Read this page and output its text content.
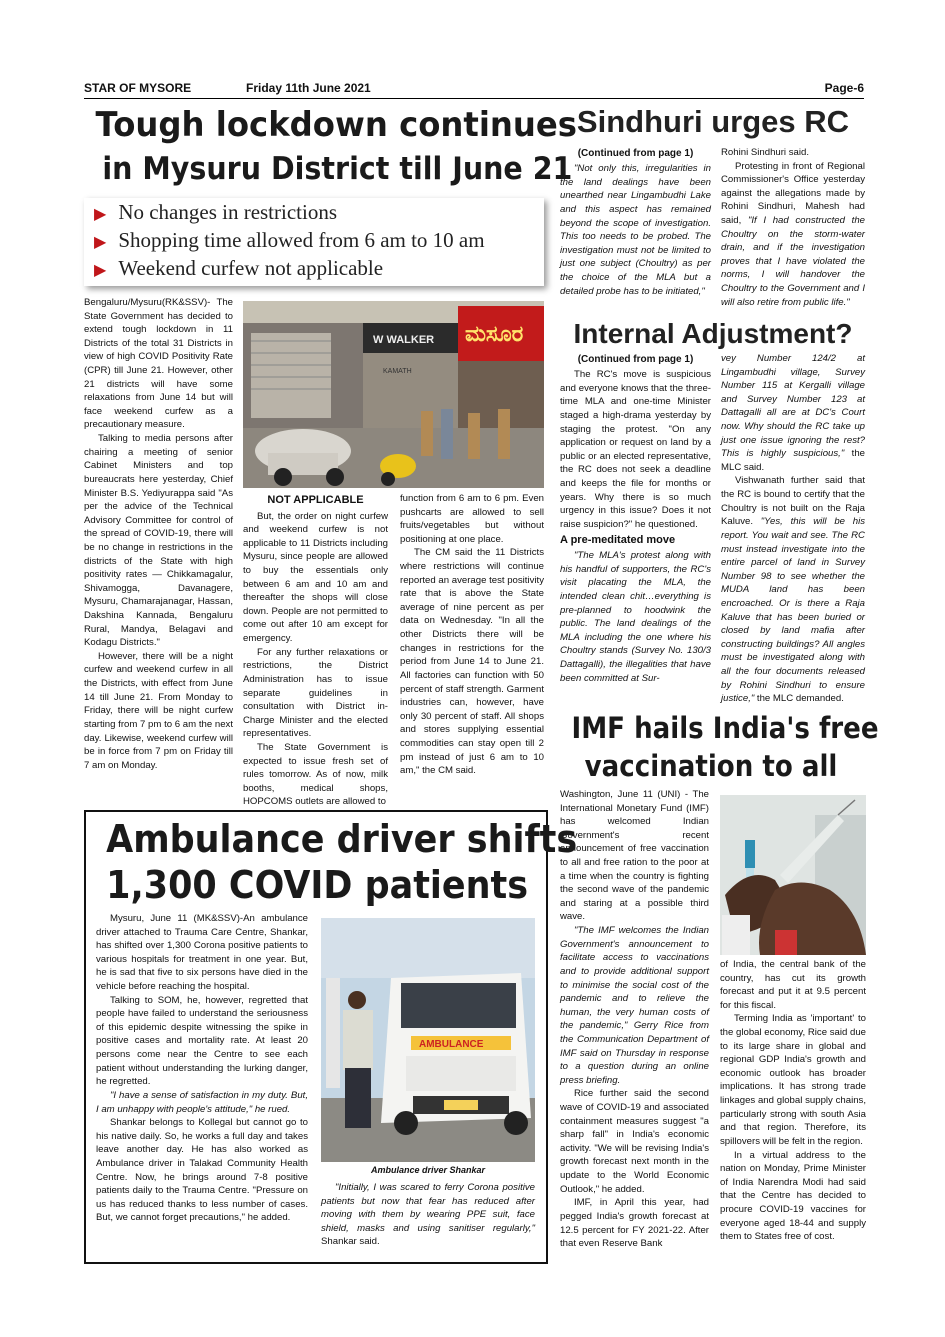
STAR OF MYSORE	Friday 11th June 2021	Page-6
Tough lockdown continues
in Mysuru District till June 21
▶ No changes in restrictions
▶ Shopping time allowed from 6 am to 10 am
▶ Weekend curfew not applicable

Bengaluru/Mysuru(RK&SSV)- The State Government has decided to extend tough lockdown in 11 Districts of the total 31 Districts in view of high COVID Positivity Rate (CPR) till June 21. However, other 21 districts will have some relaxations from June 14 but will face weekend curfew as a precautionary measure.

Talking to media persons after chairing a meeting of senior Cabinet Ministers and top bureaucrats here yesterday, Chief Minister B.S. Yediyurappa said "As per the advice of the Technical Advisory Committee for control of the spread of COVID-19, there will be no change in restrictions in the districts of the State with high positivity rates — Chikkamagalur, Shivamogga, Davanagere, Mysuru, Chamarajanagar, Hassan, Dakshina Kannada, Bengaluru Rural, Mandya, Belagavi and Kodagu Districts."

However, there will be a night curfew and weekend curfew in all the Districts, with effect from June 14 till June 21. From Monday to Friday, there will be night curfew starting from 7 pm to 6 am the next day. Likewise, weekend curfew will be in force from 7 pm on Friday till 7 am on Monday.

W WALKER ಮಸೂರ
KAMATH
NOT APPLICABLE

But, the order on night curfew and weekend curfew is not applicable to 11 Districts including Mysuru, since people are allowed to buy the essentials only between 6 am and 10 am and thereafter the shops will close down. People are not permitted to come out after 10 am except for emergency.

For any further relaxations or restrictions, the District Administration has to issue separate guidelines in consultation with District in-Charge Minister and the elected representatives.

The State Government is expected to issue fresh set of rules tomorrow. As of now, milk booths, medical shops, HOPCOMS outlets are allowed to

function from 6 am to 6 pm. Even pushcarts are allowed to sell fruits/vegetables but without positioning at one place.

The CM said the 11 Districts where restrictions will continue reported an average test positivity rate that is above the State average of nine percent as per data on Wednesday. "In all the other Districts there will be changes in restrictions for the period from June 14 to June 21. All factories can function with 50 percent of staff strength. Garment industries can, however, have only 30 percent of staff. All shops and stores supplying essential commodities can stay open till 2 pm instead of just 6 am to 10 am," the CM said.

Sindhuri urges RC
(Continued from page 1)

"Not only this, irregularities in the land dealings have been unearthed near Lingambudhi Lake and this aspect has remained beyond the scope of investigation. This too needs to be probed. The investigation must not be limited to just one subject (Choultry) as per the choice of the MLA but a detailed probe has to be initiated,"

Rohini Sindhuri said.

Protesting in front of Regional Commissioner's Office yesterday against the allegations made by Rohini Sindhuri, Mahesh had said, "If I had constructed the Choultry on the storm-water drain, and if the investigation proves that I have violated the norms, I will handover the Choultry to the Government and I will also retire from public life."

Internal Adjustment?
(Continued from page 1)

The RC's move is suspicious and everyone knows that the three-time MLA and one-time Minister staged a high-drama yesterday by staging the protest. "On any application or request on land by a public or an elected representative, the RC does not seek a deadline and keeps the file for months or years. Why there is so much urgency in this issue? Does it not raise suspicion?" he questioned.

A pre-meditated move

"The MLA's protest along with his handful of supporters, the RC's visit placating the MLA, the intended clean chit…everything is pre-planned to hoodwink the public. The land dealings of the MLA including the one where his Choultry stands (Survey No. 130/3 Dattagalli), the illegalities that have been committed at Sur-

vey Number 124/2 at Lingambudhi village, Survey Number 115 at Kergalli village and Survey Number 123 at Dattagalli all are at DC's Court now. Why should the RC take up just one issue ignoring the rest? This is highly suspicious," the MLC said.

Vishwanath further said that the RC is bound to certify that the Choultry is not built on the Raja Kaluve. "Yes, this will be his report. You wait and see. The RC must instead investigate into the entire parcel of land in Survey Number 98 to see whether the MUDA land has been encroached. Or is there a Raja Kaluve that has been buried or closed by land mafia after constructing buildings? All angles must be investigated along with all the four documents released by Rohini Sindhuri to ensure justice," the MLC demanded.

IMF hails India's free
vaccination to all

Washington, June 11 (UNI) - The International Monetary Fund (IMF) has welcomed Indian Government's recent announcement of free vaccination to all and free ration to the poor at a time when the country is fighting the second wave of the pandemic and staring at a possible third wave.

"The IMF welcomes the Indian Government's announcement to facilitate access to vaccinations and to provide additional support to minimise the social cost of the pandemic and to relieve the human, the very human costs of the pandemic," Gerry Rice from the Communication Department of IMF said on Thursday in response to a question during an online press briefing.

Rice further said the second wave of COVID-19 and associated containment measures suggest "a sharp fall" in India's economic activity. "We will be revising India's growth forecast next month in the update to the World Economic Outlook," he added.

IMF, in April this year, had pegged India's growth forecast at 12.5 percent for FY 2021-22. After that even Reserve Bank

of India, the central bank of the country, has cut its growth forecast and put it at 9.5 percent for this fiscal.

Terming India as 'important' to the global economy, Rice said due to its large share in global and regional GDP India's growth and economic outlook has broader implications. It has strong trade linkages and global supply chains, particularly strong with south Asia and that region. Therefore, its spillovers will be felt in the region.

In a virtual address to the nation on Monday, Prime Minister of India Narendra Modi had said that the Centre has decided to procure COVID-19 vaccines for everyone aged 18-44 and supply them to States free of cost.

Ambulance driver shifts
1,300 COVID patients

Mysuru, June 11 (MK&SSV)-An ambulance driver attached to Trauma Care Centre, Shankar, has shifted over 1,300 Corona positive patients to various hospitals for treatment in one year. But, he is sad that five to six persons have died in the vehicle before reaching the hospital.

Talking to SOM, he, however, regretted that people have failed to understand the seriousness of this epidemic despite witnessing the spike in positive cases and mortality rate. At least 20 persons come near the Centre to see each patient without understanding the lurking danger, he regretted.

"I have a sense of satisfaction in my duty. But, I am unhappy with people's attitude," he rued.

Shankar belongs to Kollegal but cannot go to his native daily. So, he works a full day and takes leave another day. He has also worked as Ambulance driver in Talakad Community Health Centre. Now, he brings around 7-8 positive patients daily to the Trauma Centre. "Pressure on us has reduced thanks to less number of cases. But, we cannot forget precautions," he added.

AMBULANCE
Ambulance driver Shankar

"Initially, I was scared to ferry Corona positive patients but now that fear has reduced after moving with them by wearing PPE suit, face shield, masks and using sanitiser regularly," Shankar said.
